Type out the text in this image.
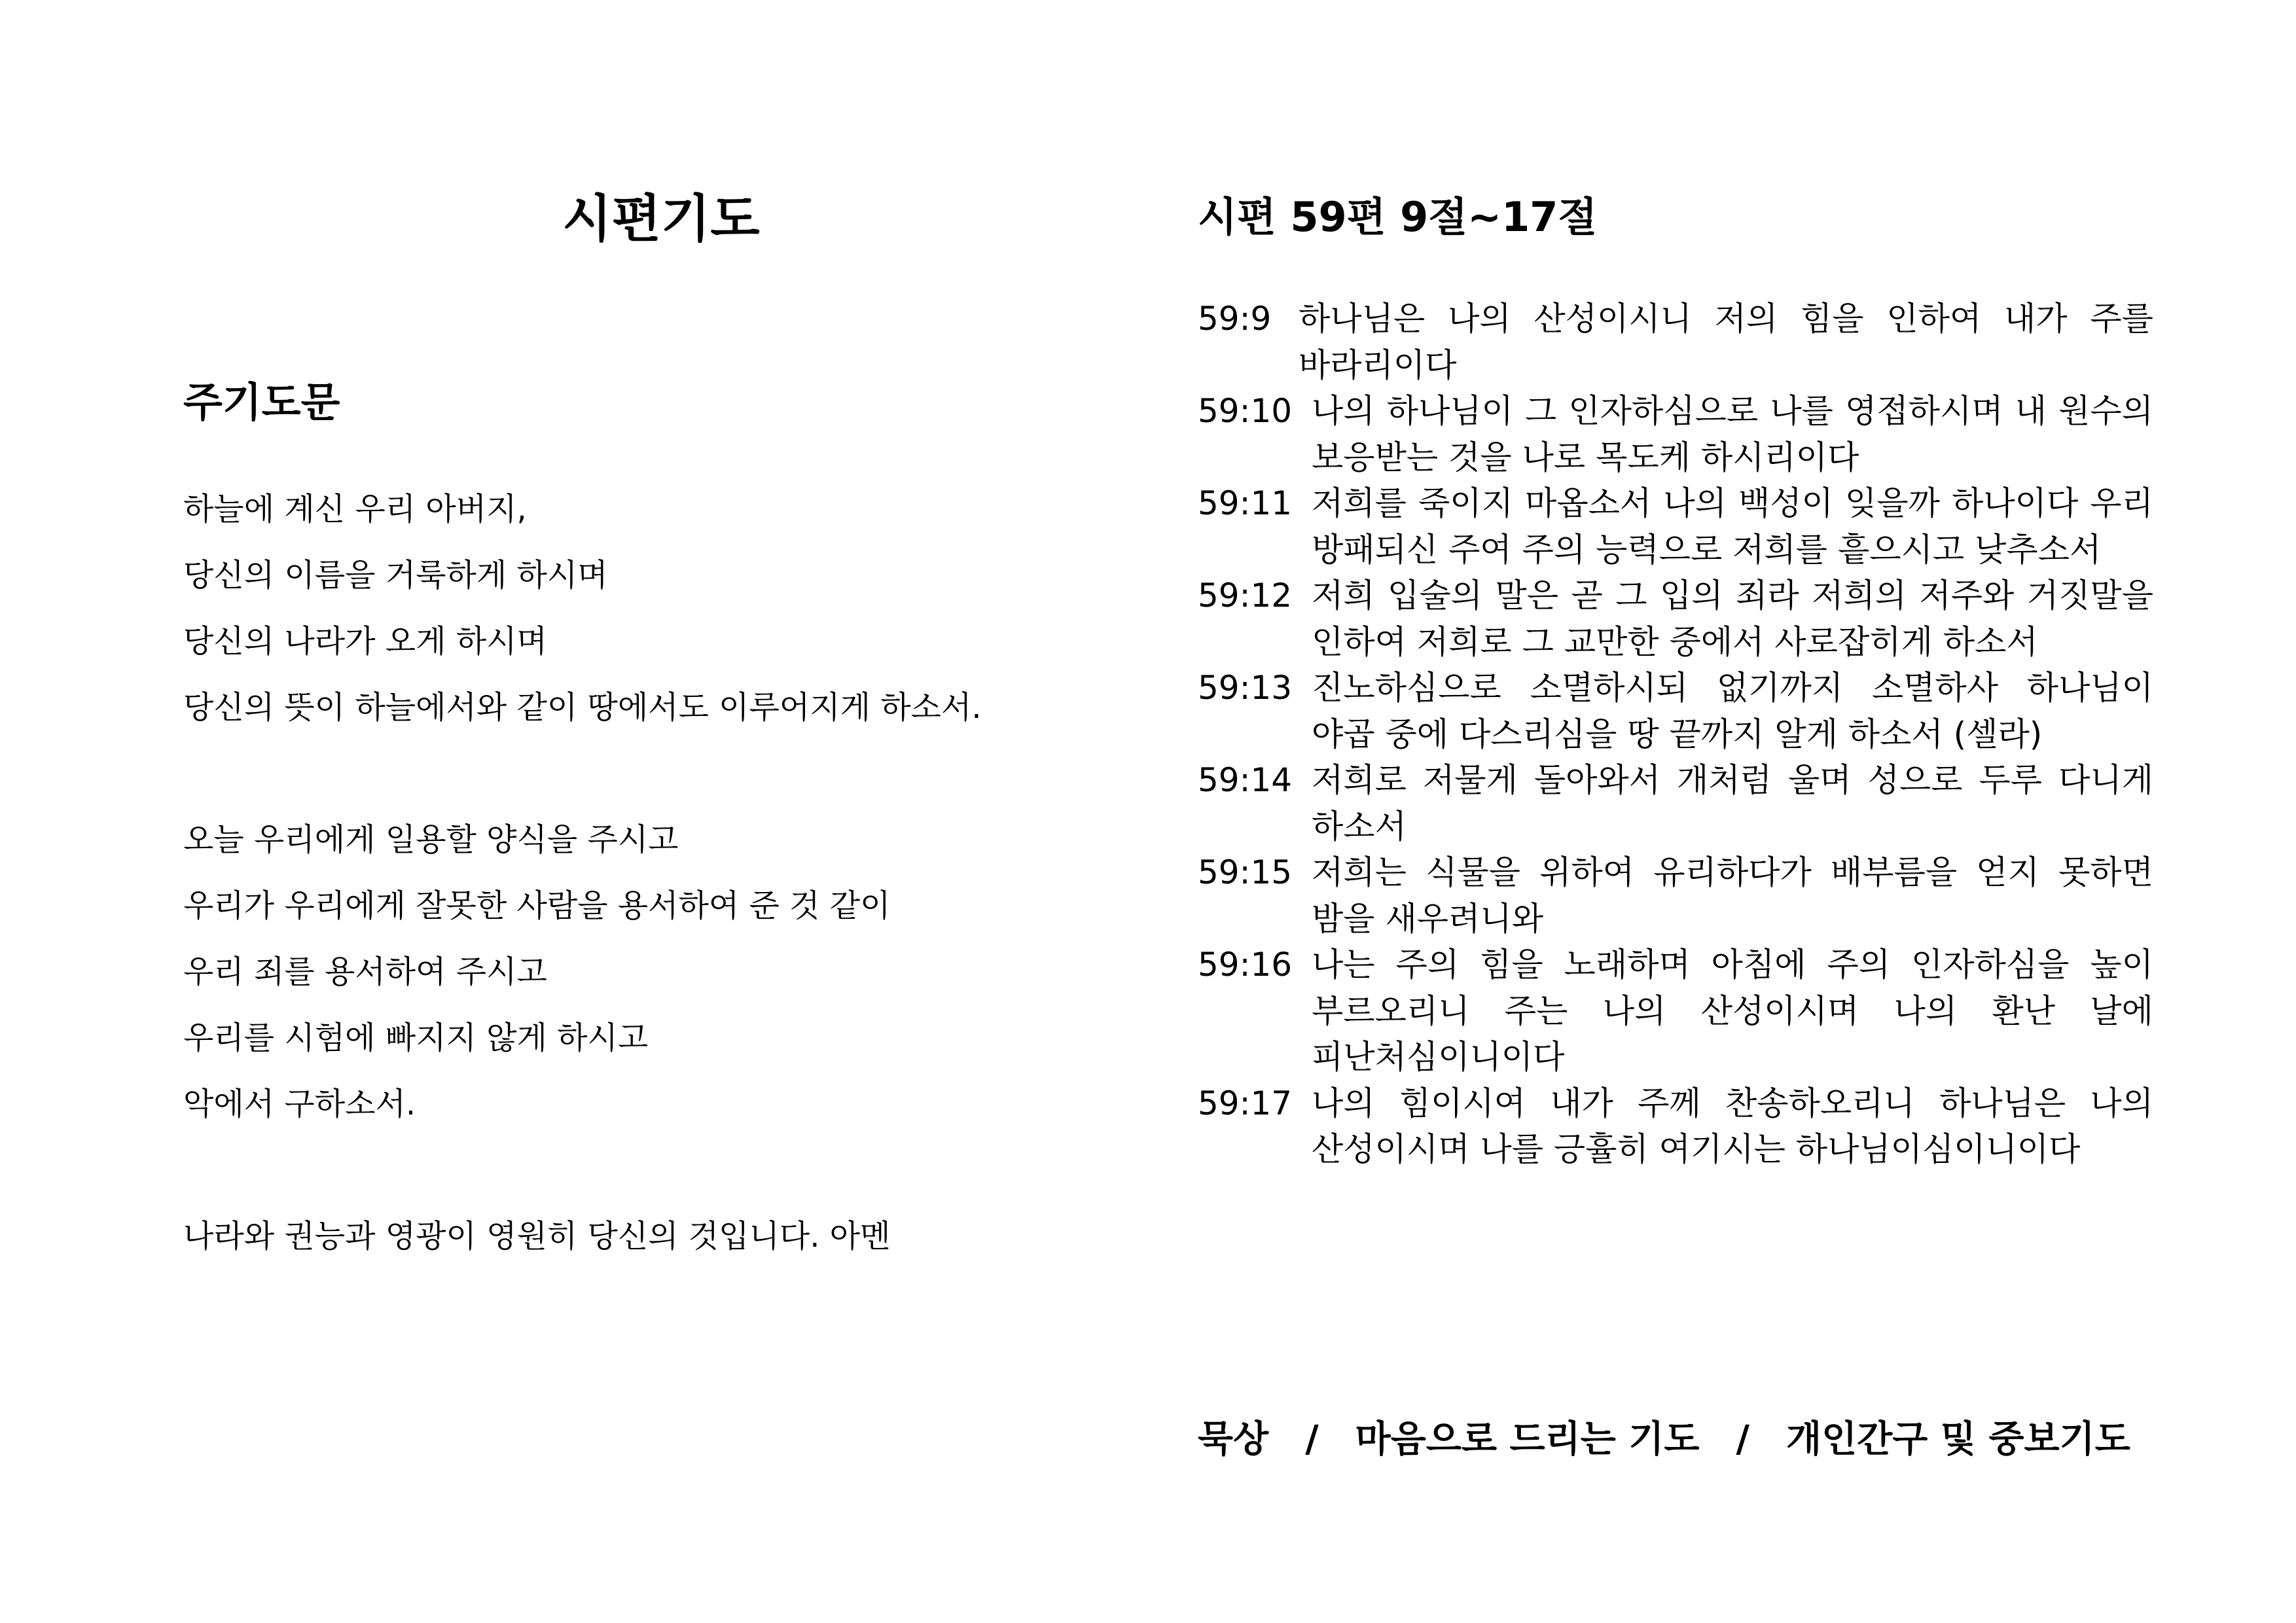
시편기도
주기도문
하늘에 계신 우리 아버지,
당신의 이름을 거룩하게 하시며
당신의 나라가 오게 하시며
당신의 뜻이 하늘에서와 같이 땅에서도 이루어지게 하소서.
오늘 우리에게 일용할 양식을 주시고
우리가 우리에게 잘못한 사람을 용서하여 준 것 같이
우리 죄를 용서하여 주시고
우리를 시험에 빠지지 않게 하시고
악에서 구하소서.
나라와 권능과 영광이 영원히 당신의 것입니다. 아멘
시편 59편 9절~17절
59:9 하나님은 나의 산성이시니 저의 힘을 인하여 내가 주를 바라리이다
59:10 나의 하나님이 그 인자하심으로 나를 영접하시며 내 원수의 보응받는 것을 나로 목도케 하시리이다
59:11 저희를 죽이지 마옵소서 나의 백성이 잊을까 하나이다 우리 방패되신 주여 주의 능력으로 저희를 흩으시고 낮추소서
59:12 저희 입술의 말은 곧 그 입의 죄라 저희의 저주와 거짓말을 인하여 저희로 그 교만한 중에서 사로잡히게 하소서
59:13 진노하심으로 소멸하시되 없기까지 소멸하사 하나님이 야곱 중에 다스리심을 땅 끝까지 알게 하소서 (셀라)
59:14 저희로 저물게 돌아와서 개처럼 울며 성으로 두루 다니게 하소서
59:15 저희는 식물을 위하여 유리하다가 배부름을 얻지 못하면 밤을 새우려니와
59:16 나는 주의 힘을 노래하며 아침에 주의 인자하심을 높이 부르오리니 주는 나의 산성이시며 나의 환난 날에 피난처심이니이다
59:17 나의 힘이시여 내가 주께 찬송하오리니 하나님은 나의 산성이시며 나를 긍휼히 여기시는 하나님이심이니이다
묵상	/	마음으로 드리는 기도	/	개인간구 및 중보기도
